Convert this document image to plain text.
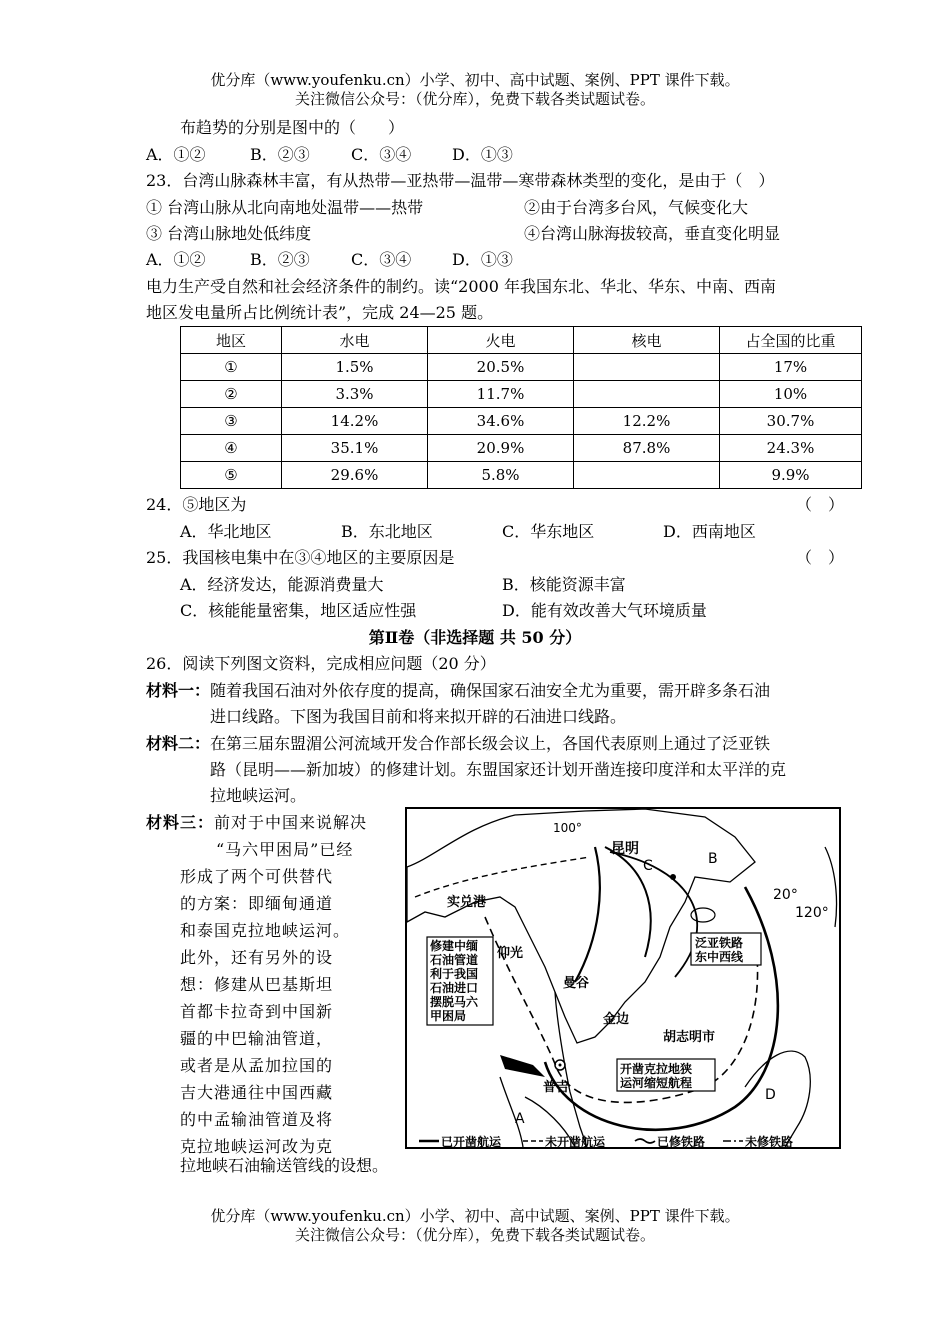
优分库（www.youfenku.cn）小学、初中、高中试题、案例、PPT 课件下载。
关注微信公众号：（优分库），免费下载各类试题试卷。
布趋势的分别是图中的（　　）
A．①②	B．②③	C．③④	D．①③
23．台湾山脉森林丰富，有从热带—亚热带—温带—寒带森林类型的变化，是由于（　）
① 台湾山脉从北向南地处温带——热带	②由于台湾多台风，气候变化大
③ 台湾山脉地处低纬度	④台湾山脉海拔较高，垂直变化明显
A．①②	B．②③	C．③④	D．①③
电力生产受自然和社会经济条件的制约。读“2000 年我国东北、华北、华东、中南、西南
地区发电量所占比例统计表”，完成 24—25 题。
地区	水电	火电	核电	占全国的比重
①	1.5%	20.5%		17%
②	3.3%	11.7%		10%
③	14.2%	34.6%	12.2%	30.7%
④	35.1%	20.9%	87.8%	24.3%
⑤	29.6%	5.8%		9.9%
24．⑤地区为	（　）
A．华北地区	B．东北地区	C．华东地区	D．西南地区
25．我国核电集中在③④地区的主要原因是	（　）
A．经济发达，能源消费量大	B．核能资源丰富
C．核能能量密集，地区适应性强	D．能有效改善大气环境质量
第Ⅱ卷（非选择题 共 50 分）
26．阅读下列图文资料，完成相应问题（20 分）
材料一： 随着我国石油对外依存度的提高，确保国家石油安全尤为重要，需开辟多条石油
进口线路。下图为我国目前和将来拟开辟的石油进口线路。
材料二： 在第三届东盟湄公河流域开发合作部长级会议上，各国代表原则上通过了泛亚铁
路（昆明——新加坡）的修建计划。东盟国家还计划开凿连接印度洋和太平洋的克
拉地峡运河。

材料三：前对于中国来说解决

“马六甲困局”已经

形成了两个可供替代

的方案：即缅甸通道

和泰国克拉地峡运河。

此外，还有另外的设

想：修建从巴基斯坦

首都卡拉奇到中国新

疆的中巴输油管道，

或者是从孟加拉国的

吉大港通往中国西藏

的中孟输油管道及将

克拉地峡运河改为克

拉地峡石油输送管线的设想。
100°
昆明
C	B
20°
120°
实兑港
仰光
曼谷
金边
胡志明市
普吉
A
D
泛亚铁路
东中西线
修建中缅
石油管道
利于我国
石油进口
摆脱马六
甲困局
开凿克拉地狭
运河缩短航程
已开凿航运	未开凿航运	已修铁路	未修铁路
优分库（www.youfenku.cn）小学、初中、高中试题、案例、PPT 课件下载。
关注微信公众号：（优分库），免费下载各类试题试卷。
